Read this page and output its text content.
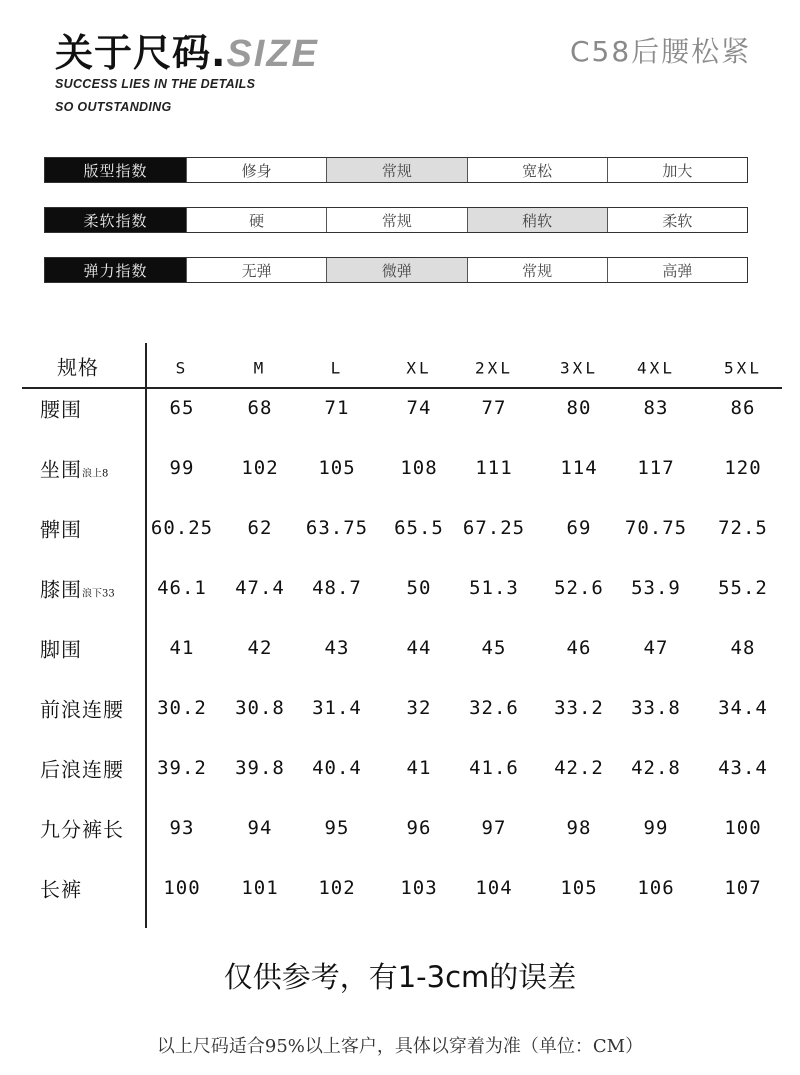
关于尺码.SIZE	C58后腰松紧
SUCCESS LIES IN THE DETAILS
SO OUTSTANDING
版型指数	修身	常规	宽松	加大
柔软指数	硬	常规	稍软	柔软
弹力指数	无弹	微弹	常规	高弹
规格	S	M	L	XL	2XL	3XL 4XL	5XL
腰围	65	68	71	74	77	80	83	86
坐围浪上8	99 102 105 108 111	114 117	120
髀围	60.25 62 63.75 65.5 67.25 69 70.75 72.5
膝围浪下33 46.1 47.4 48.7 50 51.3 52.6 53.9 55.2
脚围	41	42	43	44	45	46	47	48
前浪连腰 30.2 30.8 31.4 32 32.6 33.2 33.8 34.4
后浪连腰 39.2 39.8 40.4 41 41.6 42.2 42.8 43.4
九分裤长 93	94	95	96	97	98	99	100
长裤	100 101 102 103 104	105 106	107
仅供参考，有1-3cm的误差
以上尺码适合95%以上客户，具体以穿着为准（单位：CM）
